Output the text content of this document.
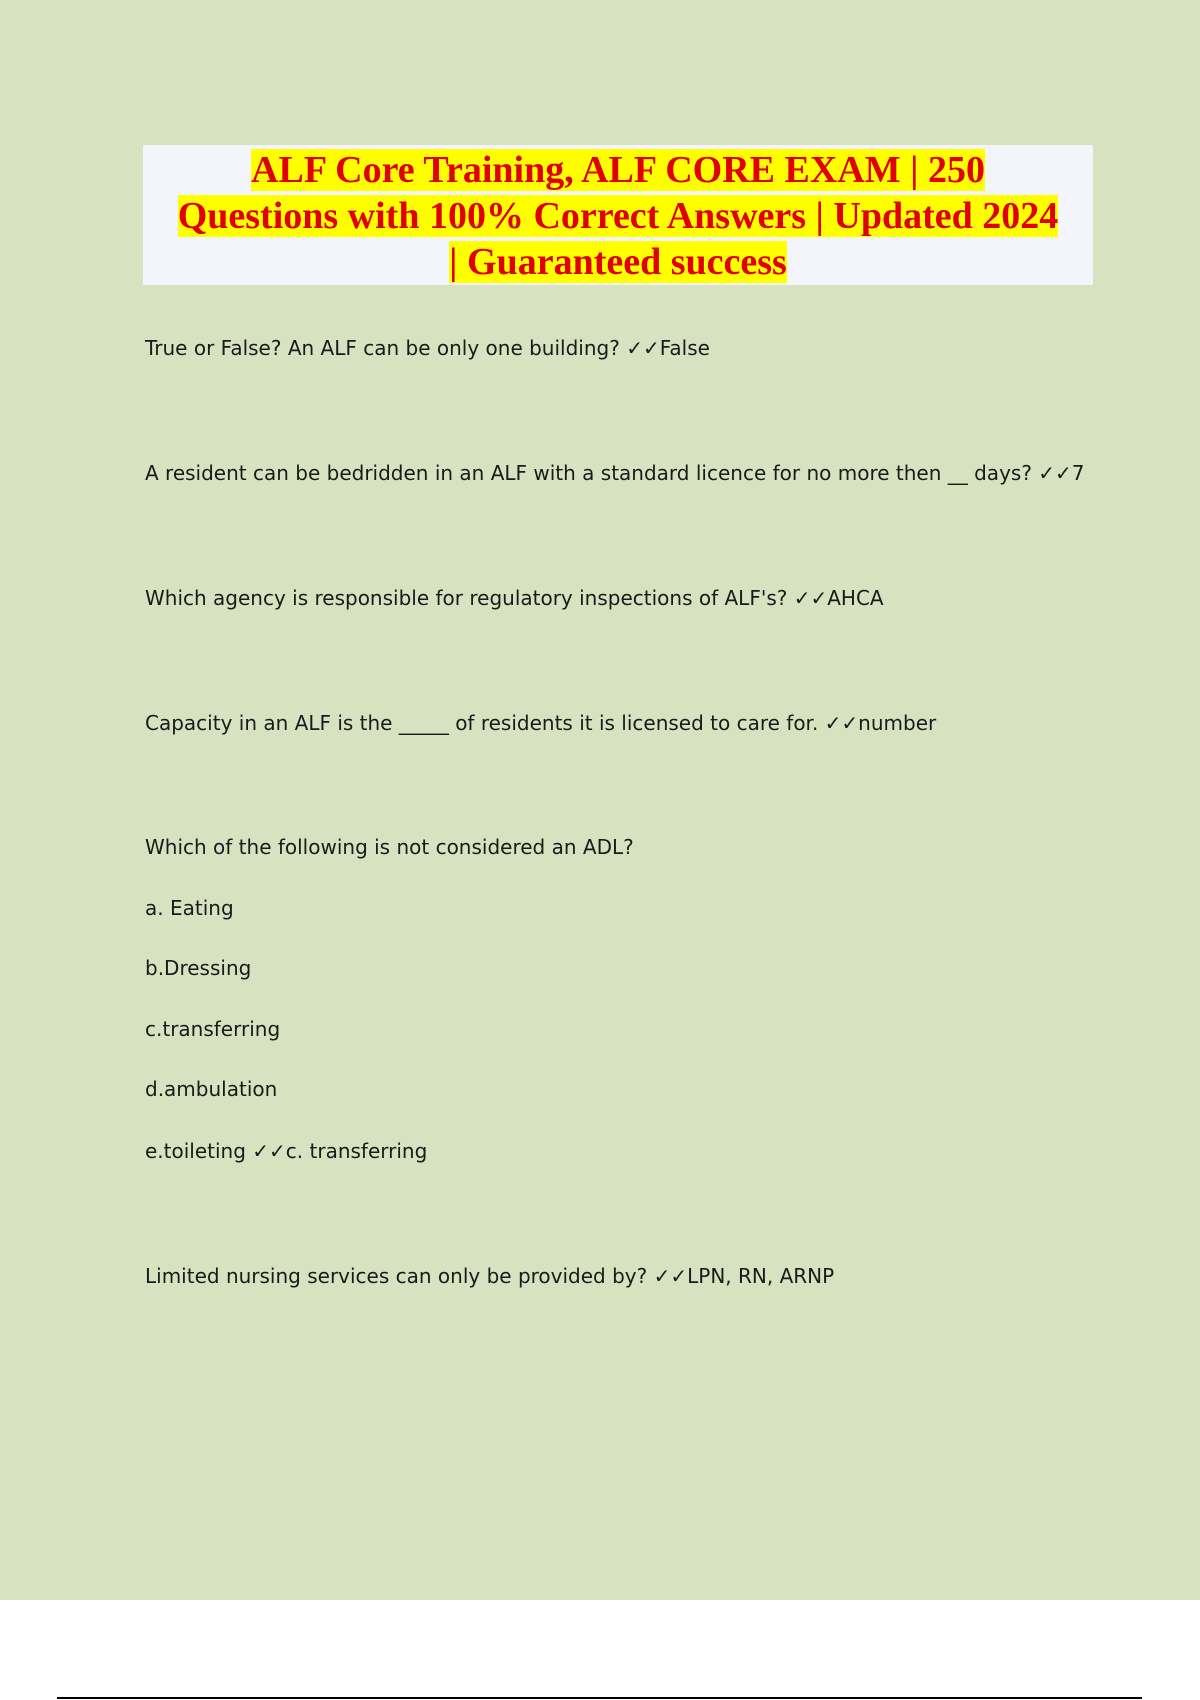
ALF Core Training, ALF CORE EXAM | 250
Questions with 100% Correct Answers | Updated 2024
| Guaranteed success
True or False? An ALF can be only one building? ✓✓False
A resident can be bedridden in an ALF with a standard licence for no more then __ days? ✓✓7
Which agency is responsible for regulatory inspections of ALF's? ✓✓AHCA
Capacity in an ALF is the _____ of residents it is licensed to care for. ✓✓number
Which of the following is not considered an ADL?
a. Eating
b.Dressing
c.transferring
d.ambulation
e.toileting ✓✓c. transferring
Limited nursing services can only be provided by? ✓✓LPN, RN, ARNP
